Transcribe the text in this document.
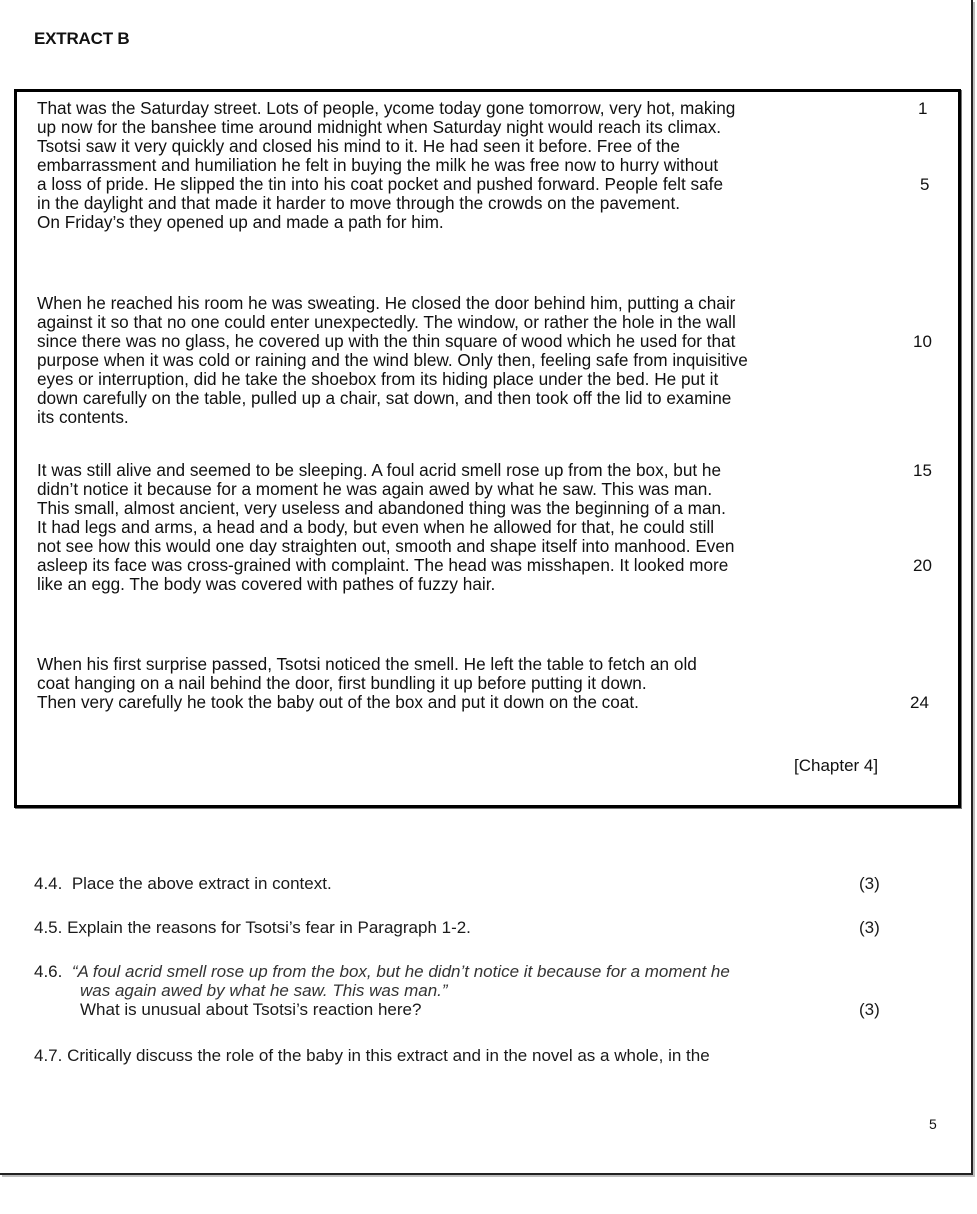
EXTRACT B
That was the Saturday street. Lots of people, ycome today gone tomorrow, very hot, making
up now for the banshee time around midnight when Saturday night would reach its climax.
Tsotsi saw it very quickly and closed his mind to it. He had seen it before. Free of the
embarrassment and humiliation he felt in buying the milk he was free now to hurry without
a loss of pride. He slipped the tin into his coat pocket and pushed forward. People felt safe
in the daylight and that made it harder to move through the crowds on the pavement.
On Friday’s they opened up and made a path for him.
When he reached his room he was sweating. He closed the door behind him, putting a chair
against it so that no one could enter unexpectedly. The window, or rather the hole in the wall
since there was no glass, he covered up with the thin square of wood which he used for that
purpose when it was cold or raining and the wind blew. Only then, feeling safe from inquisitive
eyes or interruption, did he take the shoebox from its hiding place under the bed. He put it
down carefully on the table, pulled up a chair, sat down, and then took off the lid to examine
its contents.
It was still alive and seemed to be sleeping. A foul acrid smell rose up from the box, but he
didn’t notice it because for a moment he was again awed by what he saw. This was man.
This small, almost ancient, very useless and abandoned thing was the beginning of a man.
It had legs and arms, a head and a body, but even when he allowed for that, he could still
not see how this would one day straighten out, smooth and shape itself into manhood. Even
asleep its face was cross-grained with complaint. The head was misshapen. It looked more
like an egg. The body was covered with pathes of fuzzy hair.
When his first surprise passed, Tsotsi noticed the smell. He left the table to fetch an old
coat hanging on a nail behind the door, first bundling it up before putting it down.
Then very carefully he took the baby out of the box and put it down on the coat.
1
5
10
15
20
24
[Chapter 4]
4.4. Place the above extract in context.	(3)
4.5. Explain the reasons for Tsotsi’s fear in Paragraph 1-2.	(3)
4.6. “A foul acrid smell rose up from the box, but he didn’t notice it because for a moment he
was again awed by what he saw. This was man.”
What is unusual about Tsotsi’s reaction here?	(3)
4.7. Critically discuss the role of the baby in this extract and in the novel as a whole, in the
5
